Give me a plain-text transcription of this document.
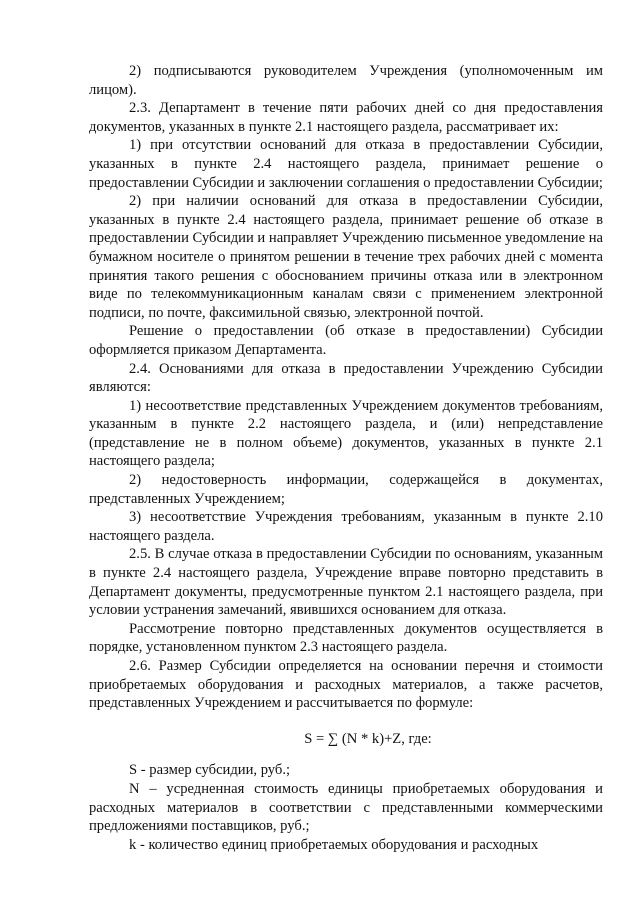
2) подписываются руководителем Учреждения (уполномоченным им лицом).

2.3. Департамент в течение пяти рабочих дней со дня предоставления документов, указанных в пункте 2.1 настоящего раздела, рассматривает их:

1) при отсутствии оснований для отказа в предоставлении Субсидии, указанных в пункте 2.4 настоящего раздела, принимает решение о предоставлении Субсидии и заключении соглашения о предоставлении Субсидии;

2) при наличии оснований для отказа в предоставлении Субсидии, указанных в пункте 2.4 настоящего раздела, принимает решение об отказе в предоставлении Субсидии и направляет Учреждению письменное уведомление на бумажном носителе о принятом решении в течение трех рабочих дней с момента принятия такого решения с обоснованием причины отказа или в электронном виде по телекоммуникационным каналам связи с применением электронной подписи, по почте, факсимильной связью, электронной почтой.

Решение о предоставлении (об отказе в предоставлении) Субсидии оформляется приказом Департамента.

2.4. Основаниями для отказа в предоставлении Учреждению Субсидии являются:

1) несоответствие представленных Учреждением документов требованиям, указанным в пункте 2.2 настоящего раздела, и (или) непредставление (представление не в полном объеме) документов, указанных в пункте 2.1 настоящего раздела;

2) недостоверность информации, содержащейся в документах, представленных Учреждением;

3) несоответствие Учреждения требованиям, указанным в пункте 2.10 настоящего раздела.

2.5. В случае отказа в предоставлении Субсидии по основаниям, указанным в пункте 2.4 настоящего раздела, Учреждение вправе повторно представить в Департамент документы, предусмотренные пунктом 2.1 настоящего раздела, при условии устранения замечаний, явившихся основанием для отказа.

Рассмотрение повторно представленных документов осуществляется в порядке, установленном пунктом 2.3 настоящего раздела.

2.6. Размер Субсидии определяется на основании перечня и стоимости приобретаемых оборудования и расходных материалов, а также расчетов, представленных Учреждением и рассчитывается по формуле:

S = ∑ (N * k)+Z, где:

S - размер субсидии, руб.;

N – усредненная стоимость единицы приобретаемых оборудования и расходных материалов в соответствии с представленными коммерческими предложениями поставщиков, руб.;

k - количество единиц приобретаемых оборудования и расходных
